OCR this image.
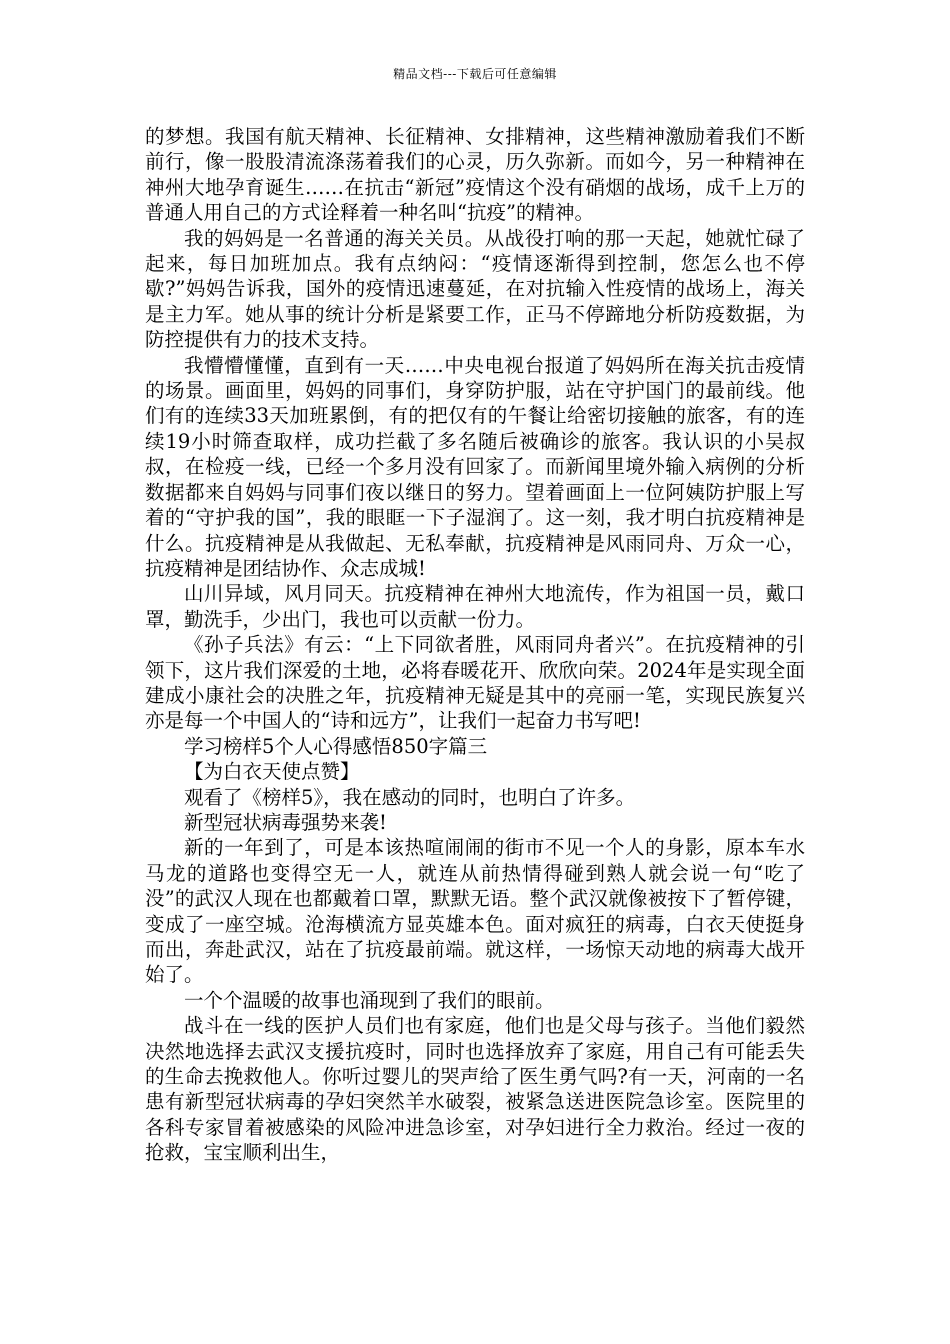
精品文档---下载后可任意编辑

的梦想。我国有航天精神、长征精神、女排精神，这些精神激励着我们不断前行，像一股股清流涤荡着我们的心灵，历久弥新。而如今，另一种精神在神州大地孕育诞生……在抗击“新冠”疫情这个没有硝烟的战场，成千上万的普通人用自己的方式诠释着一种名叫“抗疫”的精神。

我的妈妈是一名普通的海关关员。从战役打响的那一天起，她就忙碌了起来，每日加班加点。我有点纳闷：“疫情逐渐得到控制，您怎么也不停歇?”妈妈告诉我，国外的疫情迅速蔓延，在对抗输入性疫情的战场上，海关是主力军。她从事的统计分析是紧要工作，正马不停蹄地分析防疫数据，为防控提供有力的技术支持。

我懵懵懂懂，直到有一天……中央电视台报道了妈妈所在海关抗击疫情的场景。画面里，妈妈的同事们，身穿防护服，站在守护国门的最前线。他们有的连续33天加班累倒，有的把仅有的午餐让给密切接触的旅客，有的连续19小时筛查取样，成功拦截了多名随后被确诊的旅客。我认识的小吴叔叔，在检疫一线，已经一个多月没有回家了。而新闻里境外输入病例的分析数据都来自妈妈与同事们夜以继日的努力。望着画面上一位阿姨防护服上写着的“守护我的国”，我的眼眶一下子湿润了。这一刻，我才明白抗疫精神是什么。抗疫精神是从我做起、无私奉献，抗疫精神是风雨同舟、万众一心，抗疫精神是团结协作、众志成城!

山川异域，风月同天。抗疫精神在神州大地流传，作为祖国一员，戴口罩，勤洗手，少出门，我也可以贡献一份力。

《孙子兵法》有云：“上下同欲者胜，风雨同舟者兴”。在抗疫精神的引领下，这片我们深爱的土地，必将春暖花开、欣欣向荣。2024年是实现全面建成小康社会的决胜之年，抗疫精神无疑是其中的亮丽一笔，实现民族复兴亦是每一个中国人的“诗和远方”，让我们一起奋力书写吧!

学习榜样5个人心得感悟850字篇三

【为白衣天使点赞】

观看了《榜样5》，我在感动的同时，也明白了许多。

新型冠状病毒强势来袭!

新的一年到了，可是本该热喧闹闹的街市不见一个人的身影，原本车水马龙的道路也变得空无一人，就连从前热情得碰到熟人就会说一句“吃了没”的武汉人现在也都戴着口罩，默默无语。整个武汉就像被按下了暂停键，变成了一座空城。沧海横流方显英雄本色。面对疯狂的病毒，白衣天使挺身而出，奔赴武汉，站在了抗疫最前端。就这样，一场惊天动地的病毒大战开始了。

一个个温暖的故事也涌现到了我们的眼前。

战斗在一线的医护人员们也有家庭，他们也是父母与孩子。当他们毅然决然地选择去武汉支援抗疫时，同时也选择放弃了家庭，用自己有可能丢失的生命去挽救他人。你听过婴儿的哭声给了医生勇气吗?有一天，河南的一名患有新型冠状病毒的孕妇突然羊水破裂，被紧急送进医院急诊室。医院里的各科专家冒着被感染的风险冲进急诊室，对孕妇进行全力救治。经过一夜的抢救，宝宝顺利出生，
